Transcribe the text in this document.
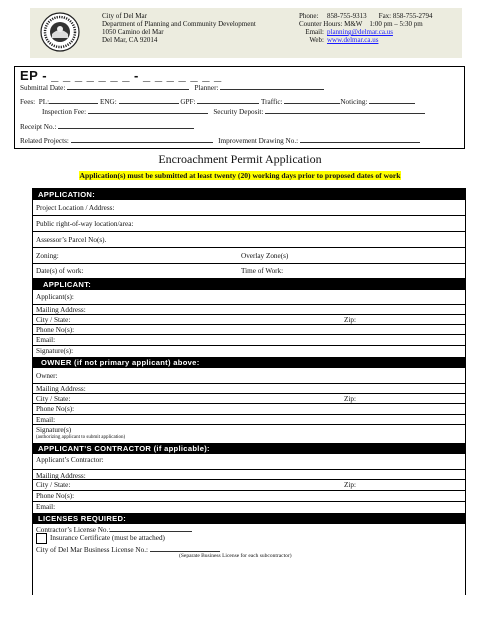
City of Del Mar
Department of Planning and Community Development
1050 Camino del Mar
Del Mar, CA 92014
Phone: 858-755-9313 Fax: 858-755-2794
Counter Hours: M&W 1:00 pm – 5:30 pm
Email: planning@delmar.ca.us
Web: www.delmar.ca.us
EP - _ _ _ _ _ _ _ - _ _ _ _ _ _ _
Submittal Date:	Planner:
Fees: PL:	ENG:	GPF:	Traffic:	Noticing:
Inspection Fee:	Security Deposit:
Receipt No.:
Related Projects:	Improvement Drawing No.:
Encroachment Permit Application
Application(s) must be submitted at least twenty (20) working days prior to proposed dates of work
APPLICATION:
Project Location / Address:
Public right-of-way location/area:
Assessor’s Parcel No(s).
Zoning:	Overlay Zone(s)
Date(s) of work:	Time of Work:
APPLICANT:
Applicant(s):
Mailing Address:
City / State:	Zip:
Phone No(s):
Email:
Signature(s):
OWNER (if not primary applicant) above:
Owner:
Mailing Address:
City / State:	Zip:
Phone No(s):
Email:
Signature(s)
(authorizing applicant to submit application)
APPLICANT’S CONTRACTOR (if applicable):
Applicant’s Contractor:
Mailing Address:
City / State:	Zip:
Phone No(s):
Email:
LICENSES REQUIRED:
Contractor’s License No.:
Insurance Certificate (must be attached)
City of Del Mar Business License No.:
(Separate Business License for each subcontractor)
